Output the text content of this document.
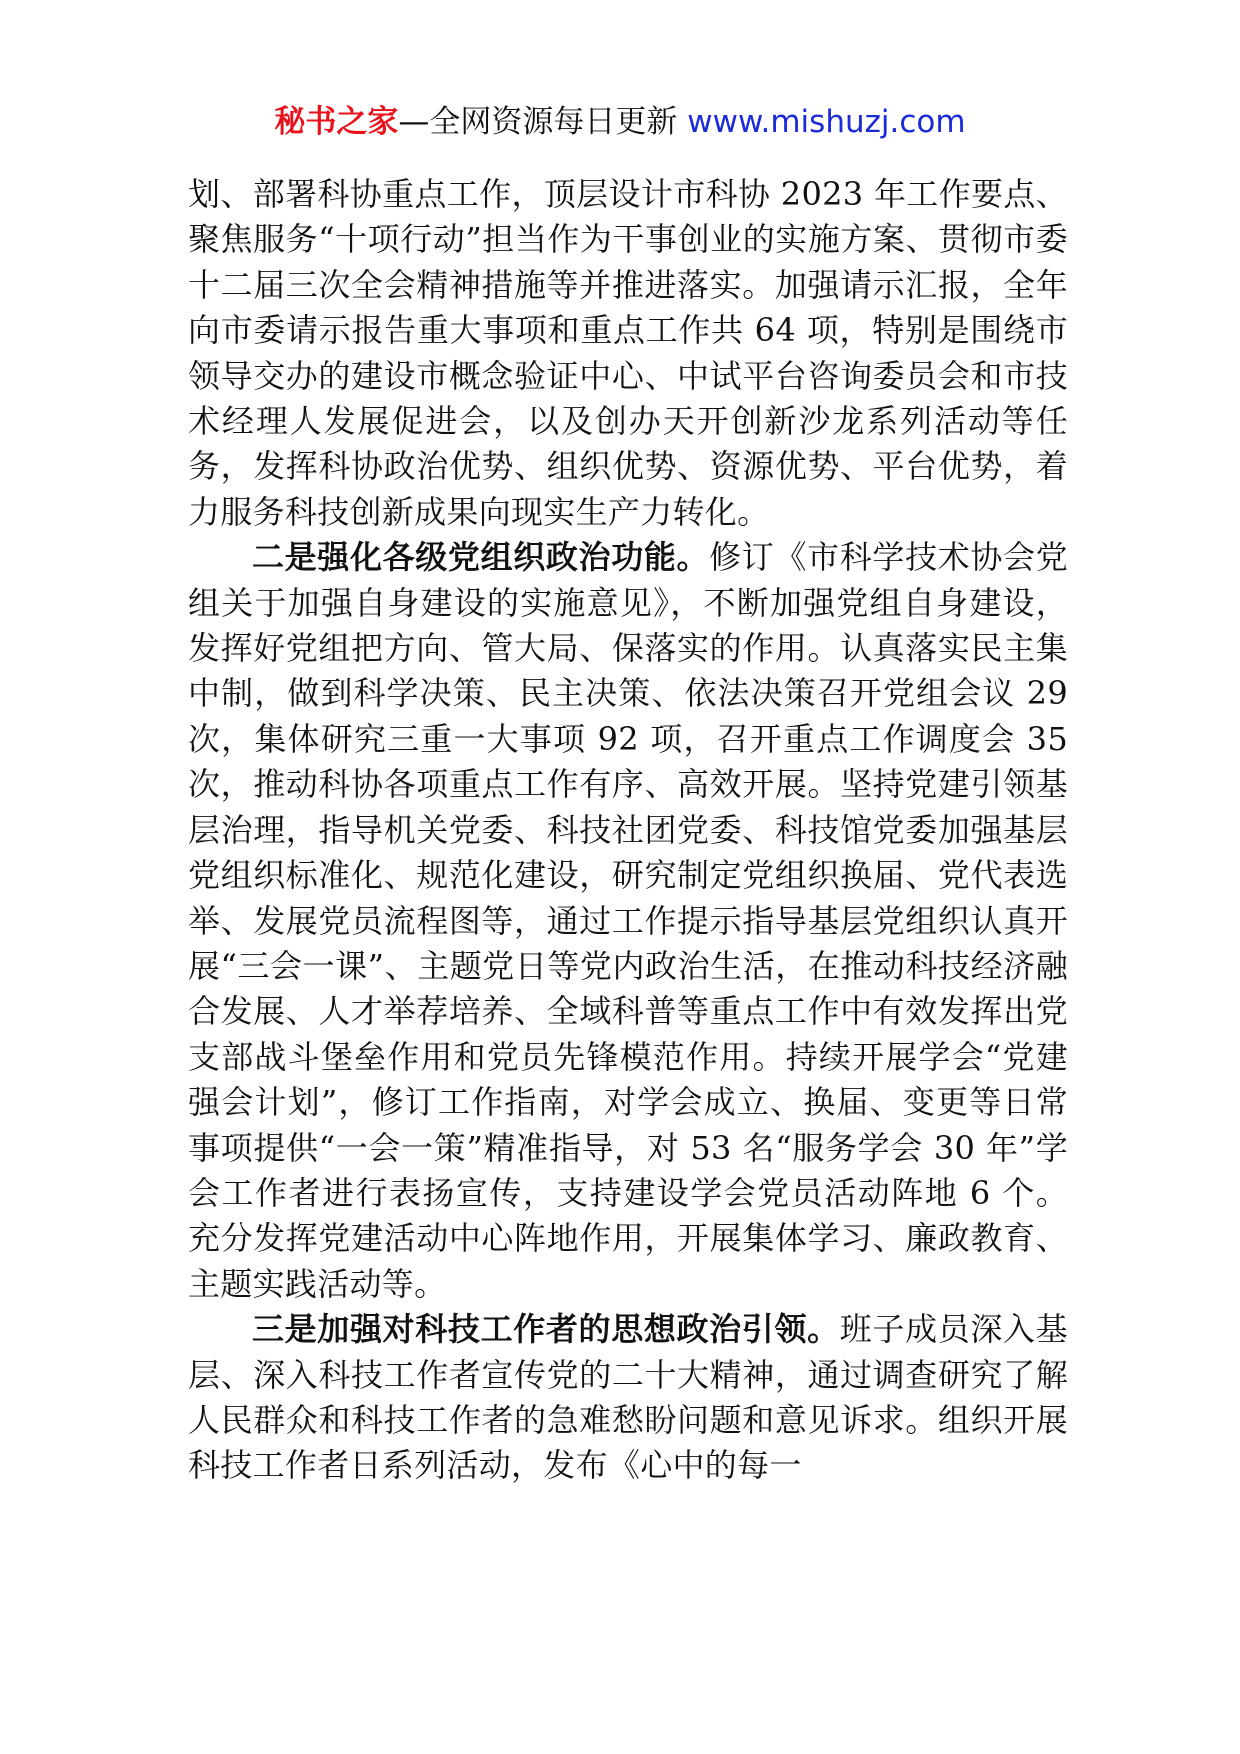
秘书之家—全网资源每日更新 www.mishuzj.com

划、部署科协重点工作，顶层设计市科协 2023 年工作要点、聚焦服务“十项行动”担当作为干事创业的实施方案、贯彻市委十二届三次全会精神措施等并推进落实。加强请示汇报，全年向市委请示报告重大事项和重点工作共 64 项，特别是围绕市领导交办的建设市概念验证中心、中试平台咨询委员会和市技术经理人发展促进会，以及创办天开创新沙龙系列活动等任务，发挥科协政治优势、组织优势、资源优势、平台优势，着力服务科技创新成果向现实生产力转化。

二是强化各级党组织政治功能。修订《市科学技术协会党组关于加强自身建设的实施意见》，不断加强党组自身建设，发挥好党组把方向、管大局、保落实的作用。认真落实民主集中制，做到科学决策、民主决策、依法决策召开党组会议 29 次，集体研究三重一大事项 92 项，召开重点工作调度会 35 次，推动科协各项重点工作有序、高效开展。坚持党建引领基层治理，指导机关党委、科技社团党委、科技馆党委加强基层党组织标准化、规范化建设，研究制定党组织换届、党代表选举、发展党员流程图等，通过工作提示指导基层党组织认真开展“三会一课”、主题党日等党内政治生活，在推动科技经济融合发展、人才举荐培养、全域科普等重点工作中有效发挥出党支部战斗堡垒作用和党员先锋模范作用。持续开展学会“党建强会计划”，修订工作指南，对学会成立、换届、变更等日常事项提供“一会一策”精准指导，对 53 名“服务学会 30 年”学会工作者进行表扬宣传，支持建设学会党员活动阵地 6 个。充分发挥党建活动中心阵地作用，开展集体学习、廉政教育、主题实践活动等。

三是加强对科技工作者的思想政治引领。班子成员深入基层、深入科技工作者宣传党的二十大精神，通过调查研究了解人民群众和科技工作者的急难愁盼问题和意见诉求。组织开展科技工作者日系列活动，发布《心中的每一
